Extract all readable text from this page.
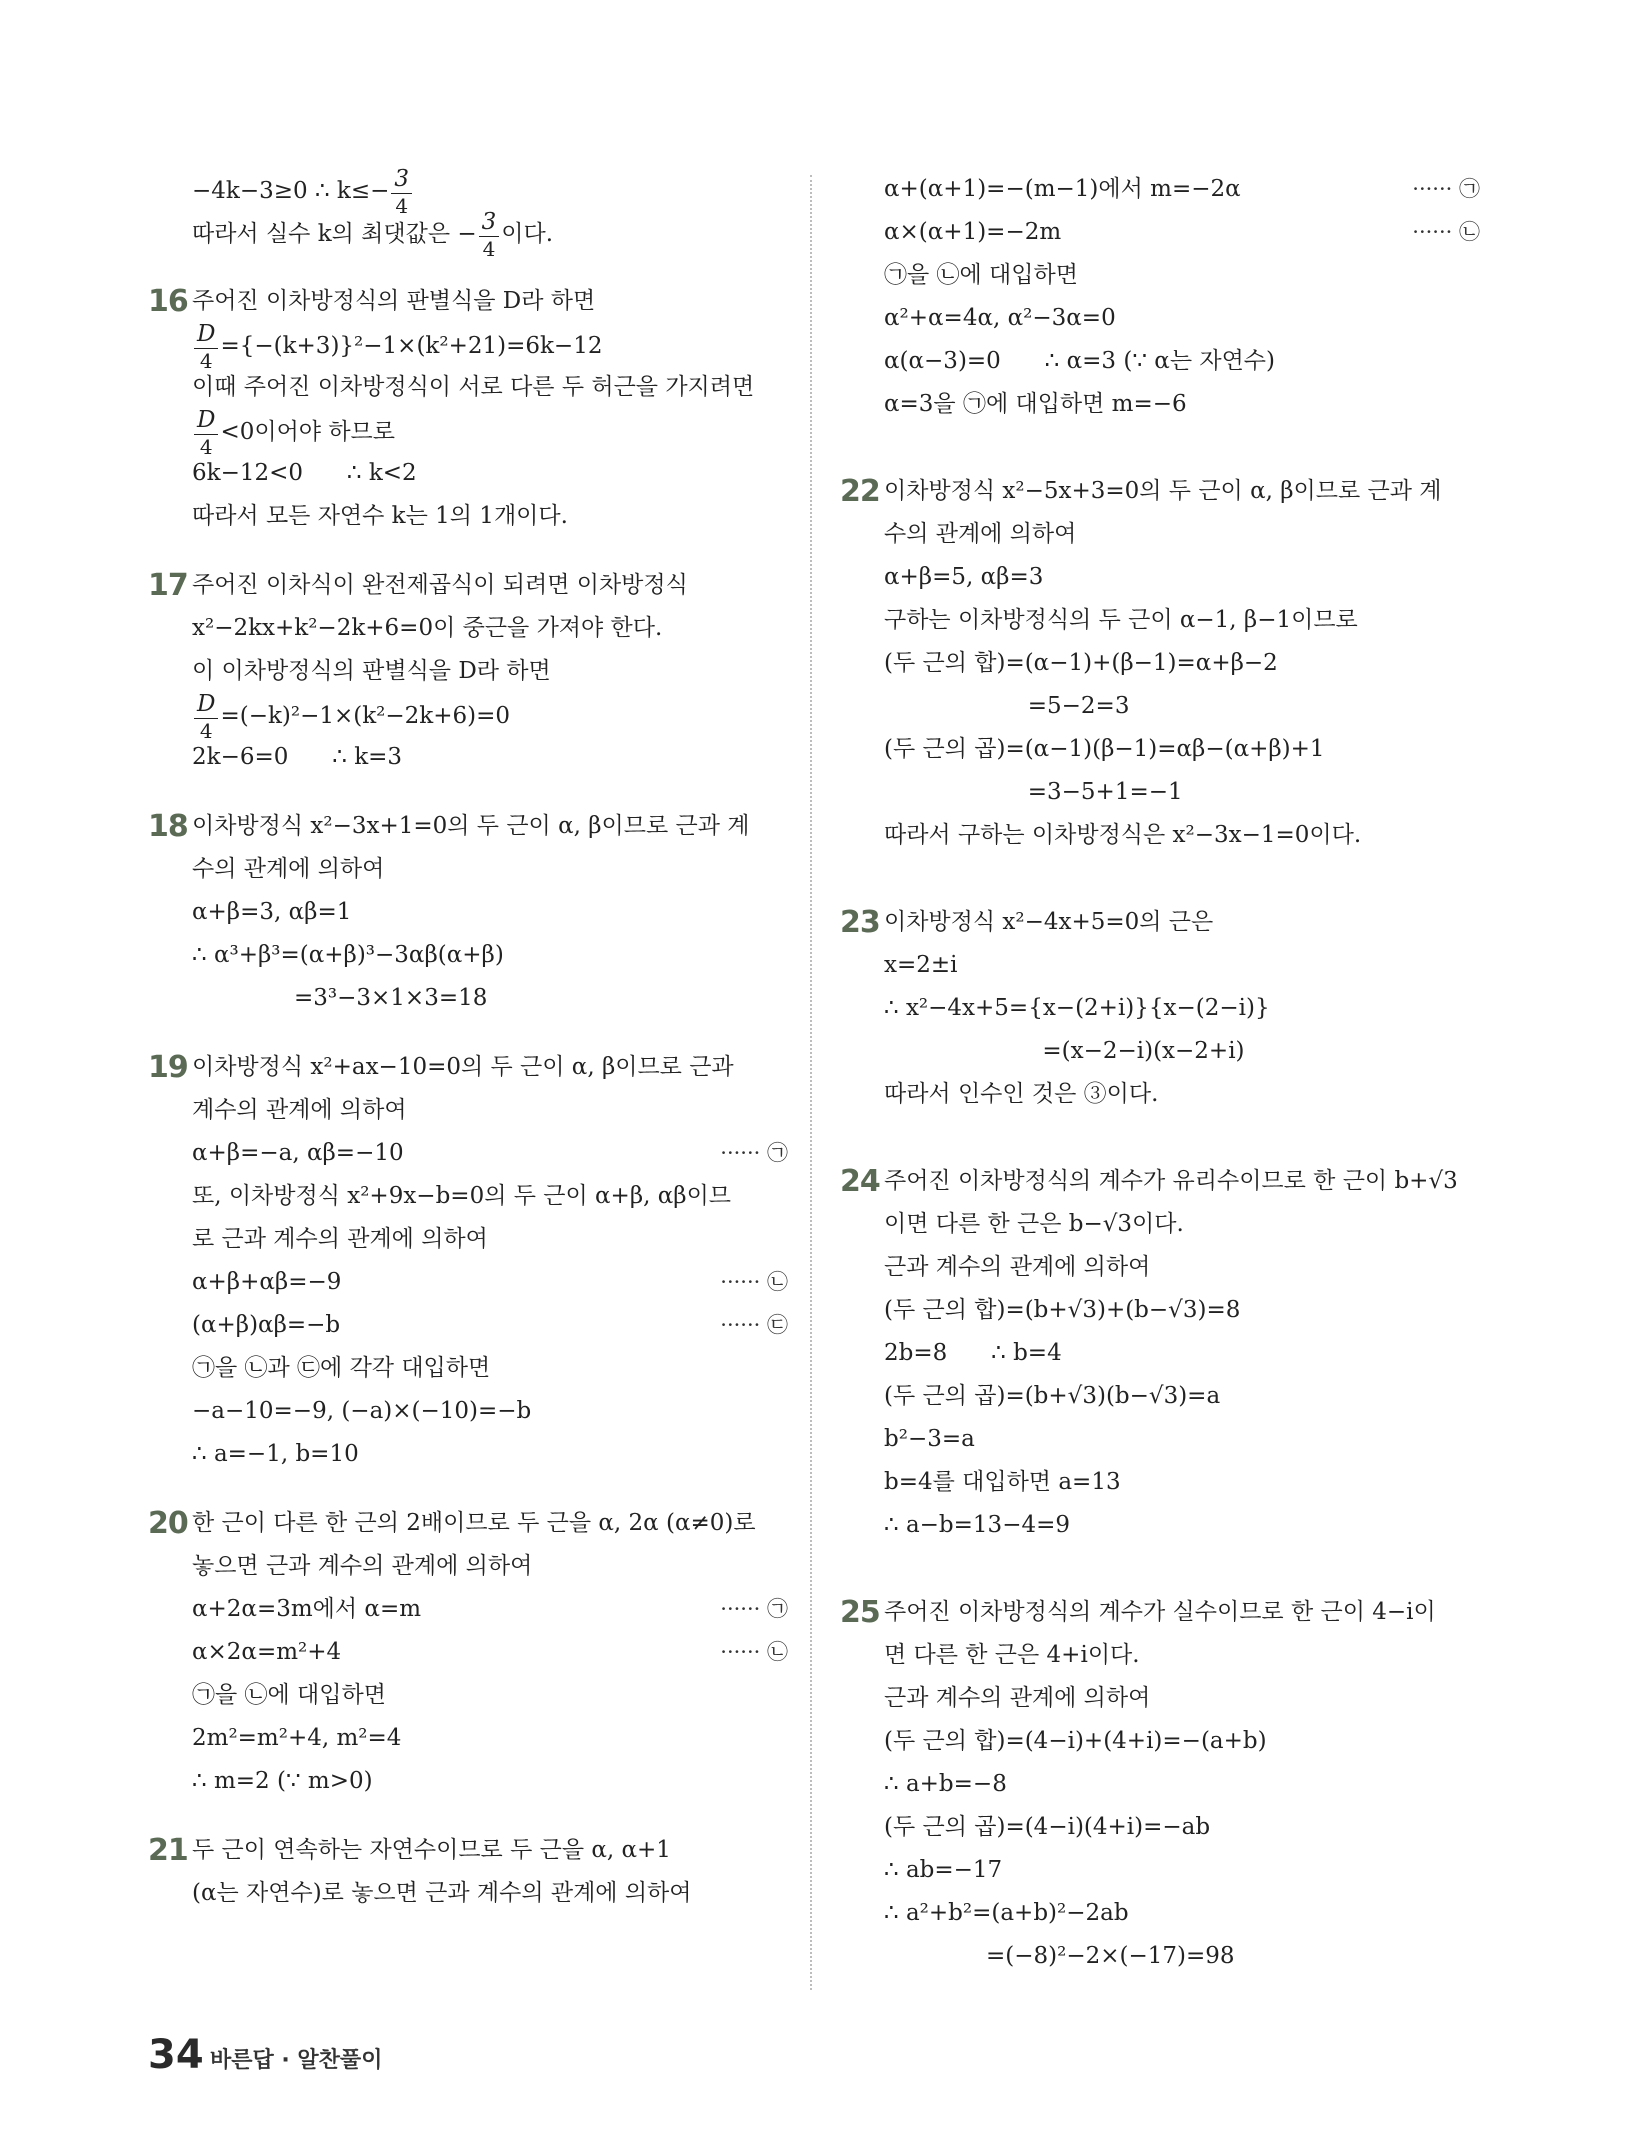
−4k−3≥0 ∴ $k\le- \frac{3}{4}$
따라서 실수 k의 최댓값은 − $\frac{3}{4}$ 이다.
16 주어진 이차방정식의 판별식을 D라 하면
$\frac{D}{4} =\{-(k+3)\}^2-1\times(k^2+21)=6k-12$
이때 주어진 이차방정식이 서로 다른 두 허근을 가지려면
$\frac{D}{4} <0$이어야 하므로
6k−12<0      ∴ k<2
따라서 모든 자연수 k는 1의 1개이다.
17 주어진 이차식이 완전제곱식이 되려면 이차방정식
x²−2kx+k²−2k+6=0이 중근을 가져야 한다.
이 이차방정식의 판별식을 D라 하면
$\frac{D}{4} =(-k)^2-1\times(k^2-2k+6)=0$
2k−6=0      ∴ k=3
18 이차방정식 x²−3x+1=0의 두 근이 α, β이므로 근과 계
수의 관계에 의하여
α+β=3, αβ=1
∴ α³+β³=(α+β)³−3αβ(α+β)
=3³−3×1×3=18
19 이차방정식 x²+ax−10=0의 두 근이 α, β이므로 근과
계수의 관계에 의하여
α+β=−a, αβ=−10	······ ㉠
또, 이차방정식 x²+9x−b=0의 두 근이 α+β, αβ이므
로 근과 계수의 관계에 의하여
α+β+αβ=−9	······ ㉡
(α+β)αβ=−b	······ ㉢
㉠을 ㉡과 ㉢에 각각 대입하면
−a−10=−9, (−a)×(−10)=−b
∴ a=−1, b=10
20 한 근이 다른 한 근의 2배이므로 두 근을 α, 2α (α≠0)로
놓으면 근과 계수의 관계에 의하여
α+2α=3m에서 α=m	······ ㉠
α×2α=m²+4	······ ㉡
㉠을 ㉡에 대입하면
2m²=m²+4, m²=4
∴ m=2 (∵ m>0)
21 두 근이 연속하는 자연수이므로 두 근을 α, α+1
(α는 자연수)로 놓으면 근과 계수의 관계에 의하여
α+(α+1)=−(m−1)에서 m=−2α	······ ㉠
α×(α+1)=−2m	······ ㉡
㉠을 ㉡에 대입하면
α²+α=4α, α²−3α=0
α(α−3)=0      ∴ α=3 (∵ α는 자연수)
α=3을 ㉠에 대입하면 m=−6
22 이차방정식 x²−5x+3=0의 두 근이 α, β이므로 근과 계
수의 관계에 의하여
α+β=5, αβ=3
구하는 이차방정식의 두 근이 α−1, β−1이므로
(두 근의 합)=(α−1)+(β−1)=α+β−2
=5−2=3
(두 근의 곱)=(α−1)(β−1)=αβ−(α+β)+1
=3−5+1=−1
따라서 구하는 이차방정식은 x²−3x−1=0이다.
23 이차방정식 x²−4x+5=0의 근은
x=2±i
∴ x²−4x+5={x−(2+i)}{x−(2−i)}
=(x−2−i)(x−2+i)
따라서 인수인 것은 ③이다.
24 주어진 이차방정식의 계수가 유리수이므로 한 근이 b+√3
이면 다른 한 근은 b−√3이다.
근과 계수의 관계에 의하여
(두 근의 합)=(b+√3)+(b−√3)=8
2b=8      ∴ b=4
(두 근의 곱)=(b+√3)(b−√3)=a
b²−3=a
b=4를 대입하면 a=13
∴ a−b=13−4=9
25 주어진 이차방정식의 계수가 실수이므로 한 근이 4−i이
면 다른 한 근은 4+i이다.
근과 계수의 관계에 의하여
(두 근의 합)=(4−i)+(4+i)=−(a+b)
∴ a+b=−8
(두 근의 곱)=(4−i)(4+i)=−ab
∴ ab=−17
∴ a²+b²=(a+b)²−2ab
=(−8)²−2×(−17)=98
34 바른답 · 알찬풀이
